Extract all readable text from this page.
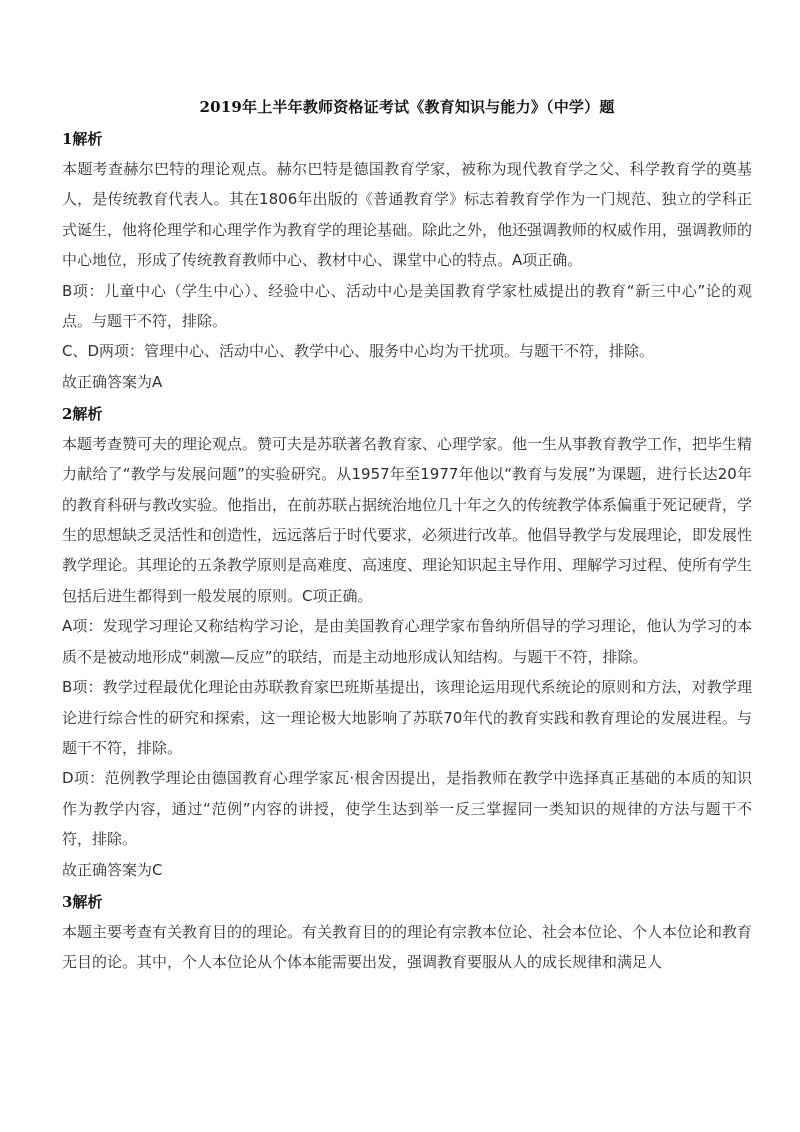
2019年上半年教师资格证考试《教育知识与能力》（中学）题
1解析

本题考查赫尔巴特的理论观点。赫尔巴特是德国教育学家，被称为现代教育学之父、科学教育学的奠基人，是传统教育代表人。其在1806年出版的《普通教育学》标志着教育学作为一门规范、独立的学科正式诞生，他将伦理学和心理学作为教育学的理论基础。除此之外，他还强调教师的权威作用，强调教师的中心地位，形成了传统教育教师中心、教材中心、课堂中心的特点。A项正确。

B项：儿童中心（学生中心）、经验中心、活动中心是美国教育学家杜威提出的教育“新三中心”论的观点。与题干不符，排除。

C、D两项：管理中心、活动中心、教学中心、服务中心均为干扰项。与题干不符，排除。

故正确答案为A

2解析

本题考查赞可夫的理论观点。赞可夫是苏联著名教育家、心理学家。他一生从事教育教学工作，把毕生精力献给了“教学与发展问题”的实验研究。从1957年至1977年他以“教育与发展”为课题，进行长达20年的教育科研与教改实验。他指出，在前苏联占据统治地位几十年之久的传统教学体系偏重于死记硬背，学生的思想缺乏灵活性和创造性，远远落后于时代要求，必须进行改革。他倡导教学与发展理论，即发展性教学理论。其理论的五条教学原则是高难度、高速度、理论知识起主导作用、理解学习过程、使所有学生包括后进生都得到一般发展的原则。C项正确。

A项：发现学习理论又称结构学习论，是由美国教育心理学家布鲁纳所倡导的学习理论，他认为学习的本质不是被动地形成“刺激—反应”的联结，而是主动地形成认知结构。与题干不符，排除。

B项：教学过程最优化理论由苏联教育家巴班斯基提出，该理论运用现代系统论的原则和方法，对教学理论进行综合性的研究和探索，这一理论极大地影响了苏联70年代的教育实践和教育理论的发展进程。与题干不符，排除。

D项：范例教学理论由德国教育心理学家瓦·根舍因提出，是指教师在教学中选择真正基础的本质的知识作为教学内容，通过“范例”内容的讲授，使学生达到举一反三掌握同一类知识的规律的方法与题干不符，排除。

故正确答案为C

3解析

本题主要考查有关教育目的的理论。有关教育目的的理论有宗教本位论、社会本位论、个人本位论和教育无目的论。其中，个人本位论从个体本能需要出发，强调教育要服从人的成长规律和满足人
